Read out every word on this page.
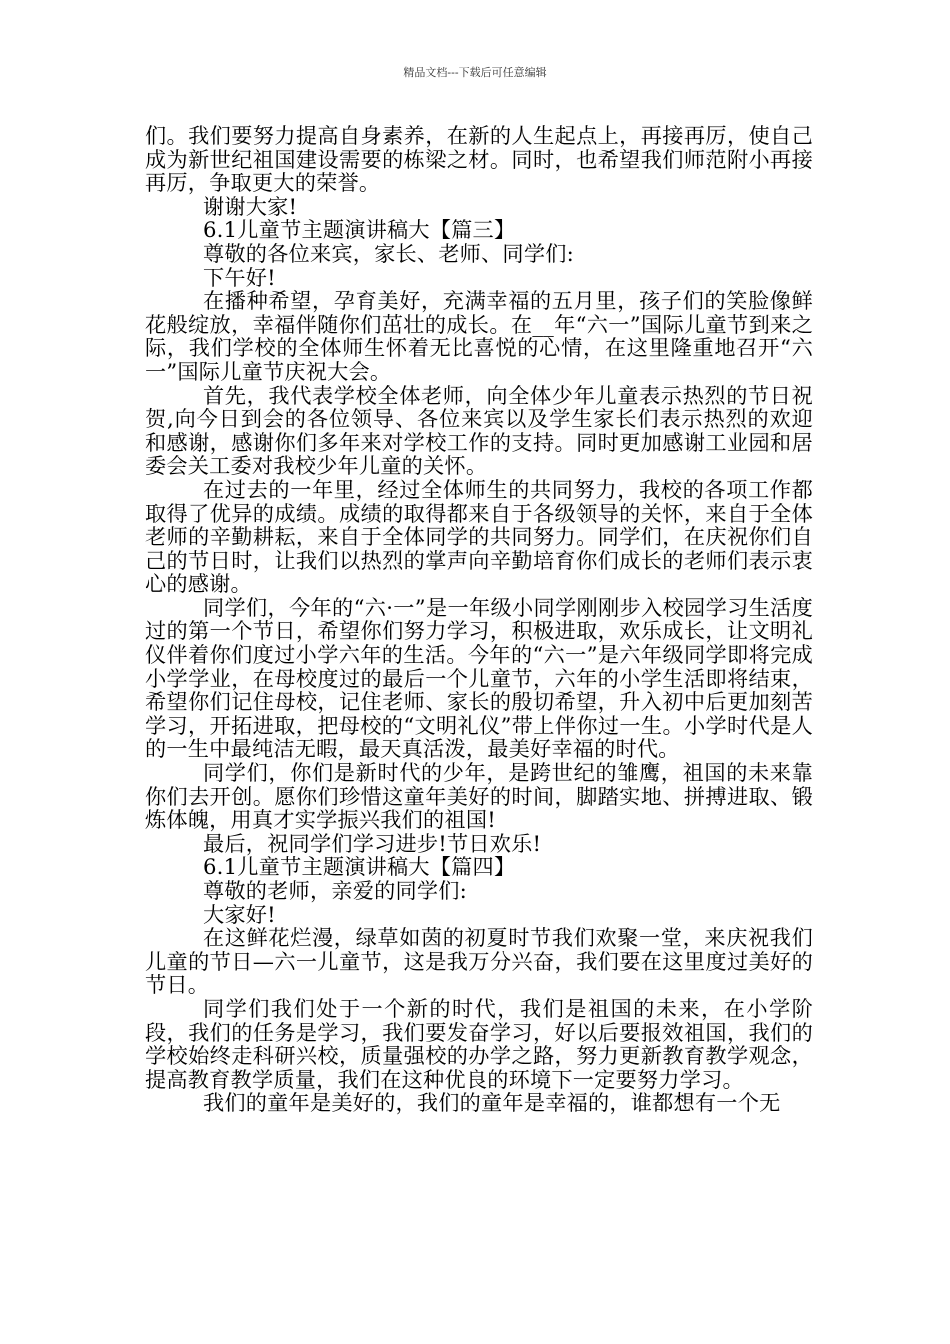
精品文档---下载后可任意编辑

们。我们要努力提高自身素养，在新的人生起点上，再接再厉，使自己成为新世纪祖国建设需要的栋梁之材。同时，也希望我们师范附小再接再厉，争取更大的荣誉。

谢谢大家!

6.1儿童节主题演讲稿大【篇三】

尊敬的各位来宾，家长、老师、同学们:

下午好!

在播种希望，孕育美好，充满幸福的五月里，孩子们的笑脸像鲜花般绽放，幸福伴随你们茁壮的成长。在__年“六一”国际儿童节到来之际，我们学校的全体师生怀着无比喜悦的心情，在这里隆重地召开“六一”国际儿童节庆祝大会。

首先，我代表学校全体老师，向全体少年儿童表示热烈的节日祝贺,向今日到会的各位领导、各位来宾以及学生家长们表示热烈的欢迎和感谢，感谢你们多年来对学校工作的支持。同时更加感谢工业园和居委会关工委对我校少年儿童的关怀。

在过去的一年里，经过全体师生的共同努力，我校的各项工作都取得了优异的成绩。成绩的取得都来自于各级领导的关怀，来自于全体老师的辛勤耕耘，来自于全体同学的共同努力。同学们，在庆祝你们自己的节日时，让我们以热烈的掌声向辛勤培育你们成长的老师们表示衷心的感谢。

同学们，今年的“六·一”是一年级小同学刚刚步入校园学习生活度过的第一个节日，希望你们努力学习，积极进取，欢乐成长，让文明礼仪伴着你们度过小学六年的生活。今年的“六一”是六年级同学即将完成小学学业，在母校度过的最后一个儿童节，六年的小学生活即将结束，希望你们记住母校，记住老师、家长的殷切希望，升入初中后更加刻苦学习，开拓进取，把母校的“文明礼仪”带上伴你过一生。小学时代是人的一生中最纯洁无暇，最天真活泼，最美好幸福的时代。

同学们，你们是新时代的少年，是跨世纪的雏鹰，祖国的未来靠你们去开创。愿你们珍惜这童年美好的时间，脚踏实地、拼搏进取、锻炼体魄，用真才实学振兴我们的祖国!

最后，祝同学们学习进步!节日欢乐!

6.1儿童节主题演讲稿大【篇四】

尊敬的老师，亲爱的同学们:

大家好!

在这鲜花烂漫，绿草如茵的初夏时节我们欢聚一堂，来庆祝我们儿童的节日—六一儿童节，这是我万分兴奋，我们要在这里度过美好的节日。

同学们我们处于一个新的时代，我们是祖国的未来，在小学阶段，我们的任务是学习，我们要发奋学习，好以后要报效祖国，我们的学校始终走科研兴校，质量强校的办学之路，努力更新教育教学观念，提高教育教学质量，我们在这种优良的环境下一定要努力学习。

我们的童年是美好的，我们的童年是幸福的，谁都想有一个无
